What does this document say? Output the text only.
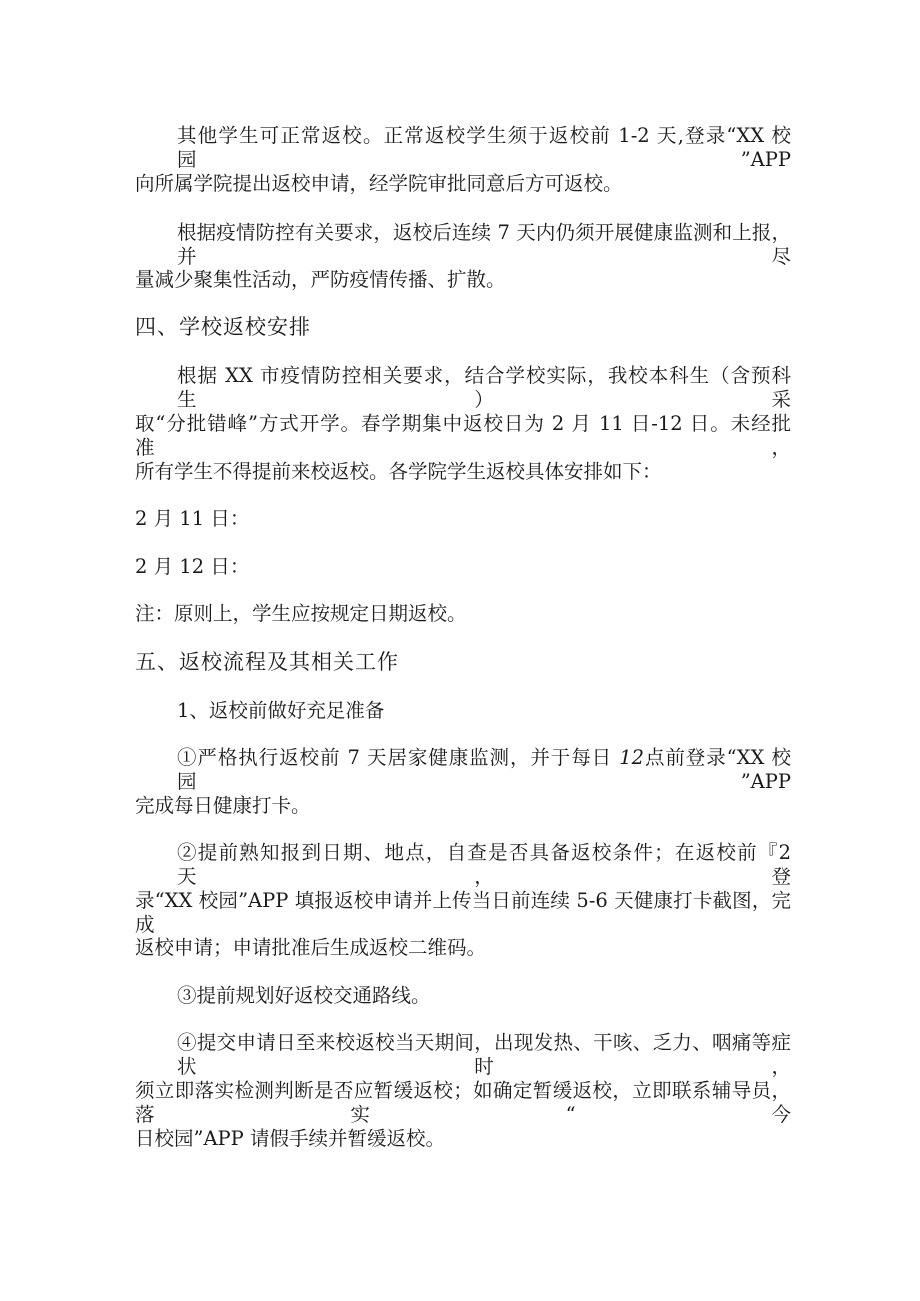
其他学生可正常返校。正常返校学生须于返校前 1-2 天,登录“XX 校园”APP
向所属学院提出返校申请，经学院审批同意后方可返校。
根据疫情防控有关要求，返校后连续 7 天内仍须开展健康监测和上报，并尽
量减少聚集性活动，严防疫情传播、扩散。
四、学校返校安排
根据 XX 市疫情防控相关要求，结合学校实际，我校本科生（含预科生）采
取“分批错峰”方式开学。春学期集中返校日为 2 月 11 日-12 日。未经批准，
所有学生不得提前来校返校。各学院学生返校具体安排如下：
2 月 11 日：
2 月 12 日：
注：原则上，学生应按规定日期返校。
五、返校流程及其相关工作
1、返校前做好充足准备
①严格执行返校前 7 天居家健康监测，并于每日 12点前登录“XX 校园”APP
完成每日健康打卡。
②提前熟知报到日期、地点，自查是否具备返校条件；在返校前『2 天，登
录“XX 校园”APP 填报返校申请并上传当日前连续 5-6 天健康打卡截图，完成
返校申请；申请批准后生成返校二维码。
③提前规划好返校交通路线。
④提交申请日至来校返校当天期间，出现发热、干咳、乏力、咽痛等症状时，
须立即落实检测判断是否应暂缓返校；如确定暂缓返校，立即联系辅导员，落实“今
日校园”APP 请假手续并暂缓返校。
